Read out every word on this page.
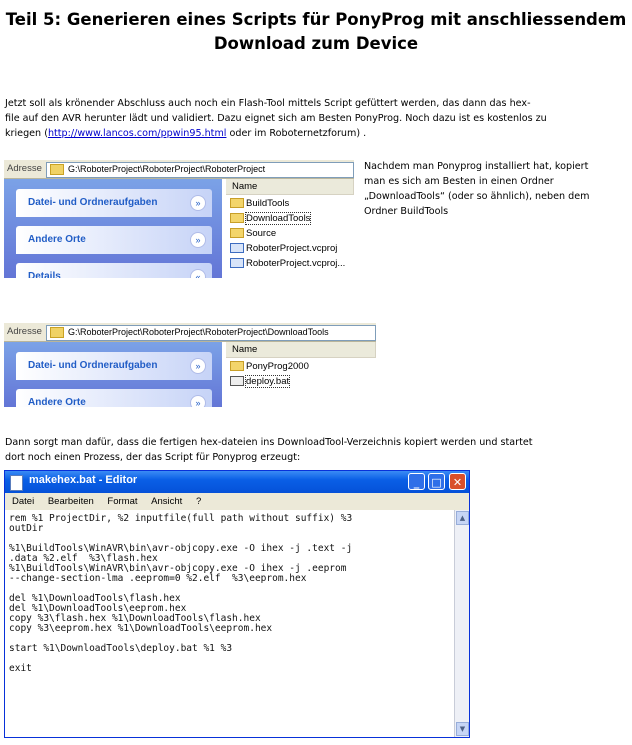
Teil 5: Generieren eines Scripts für PonyProg mit anschliessendem
Download zum Device
Jetzt soll als krönender Abschluss auch noch ein Flash-Tool mittels Script gefüttert werden, das dann das hex-
file auf den AVR herunter lädt und validiert. Dazu eignet sich am Besten PonyProg. Noch dazu ist es kostenlos zu
kriegen (http://www.lancos.com/ppwin95.html oder im Roboternetzforum) .
Adresse	G:\RoboterProject\RoboterProject\RoboterProject
Datei- und Ordneraufgaben	»
Andere Orte	»
Details	«
Name
BuildTools
DownloadTools
Source
RoboterProject.vcproj
RoboterProject.vcproj...
Nachdem man Ponyprog installiert hat, kopiert
man es sich am Besten in einen Ordner
„DownloadTools“ (oder so ähnlich), neben dem
Ordner BuildTools
Adresse	G:\RoboterProject\RoboterProject\RoboterProject\DownloadTools
Datei- und Ordneraufgaben	»
Andere Orte	»
Name
PonyProg2000
deploy.bat
Dann sorgt man dafür, dass die fertigen hex-dateien ins DownloadTool-Verzeichnis kopiert werden und startet
dort noch einen Prozess, der das Script für Ponyprog erzeugt:
makehex.bat - Editor	_	□	✕
Datei Bearbeiten Format Ansicht ?
rem %1 ProjectDir, %2 inputfile(full path without suffix) %3
outDir

%1\BuildTools\WinAVR\bin\avr-objcopy.exe -O ihex -j .text -j
.data %2.elf  %3\flash.hex
%1\BuildTools\WinAVR\bin\avr-objcopy.exe -O ihex -j .eeprom
--change-section-lma .eeprom=0 %2.elf  %3\eeprom.hex

del %1\DownloadTools\flash.hex
del %1\DownloadTools\eeprom.hex
copy %3\flash.hex %1\DownloadTools\flash.hex
copy %3\eeprom.hex %1\DownloadTools\eeprom.hex

start %1\DownloadTools\deploy.bat %1 %3

exit
▲
▼
